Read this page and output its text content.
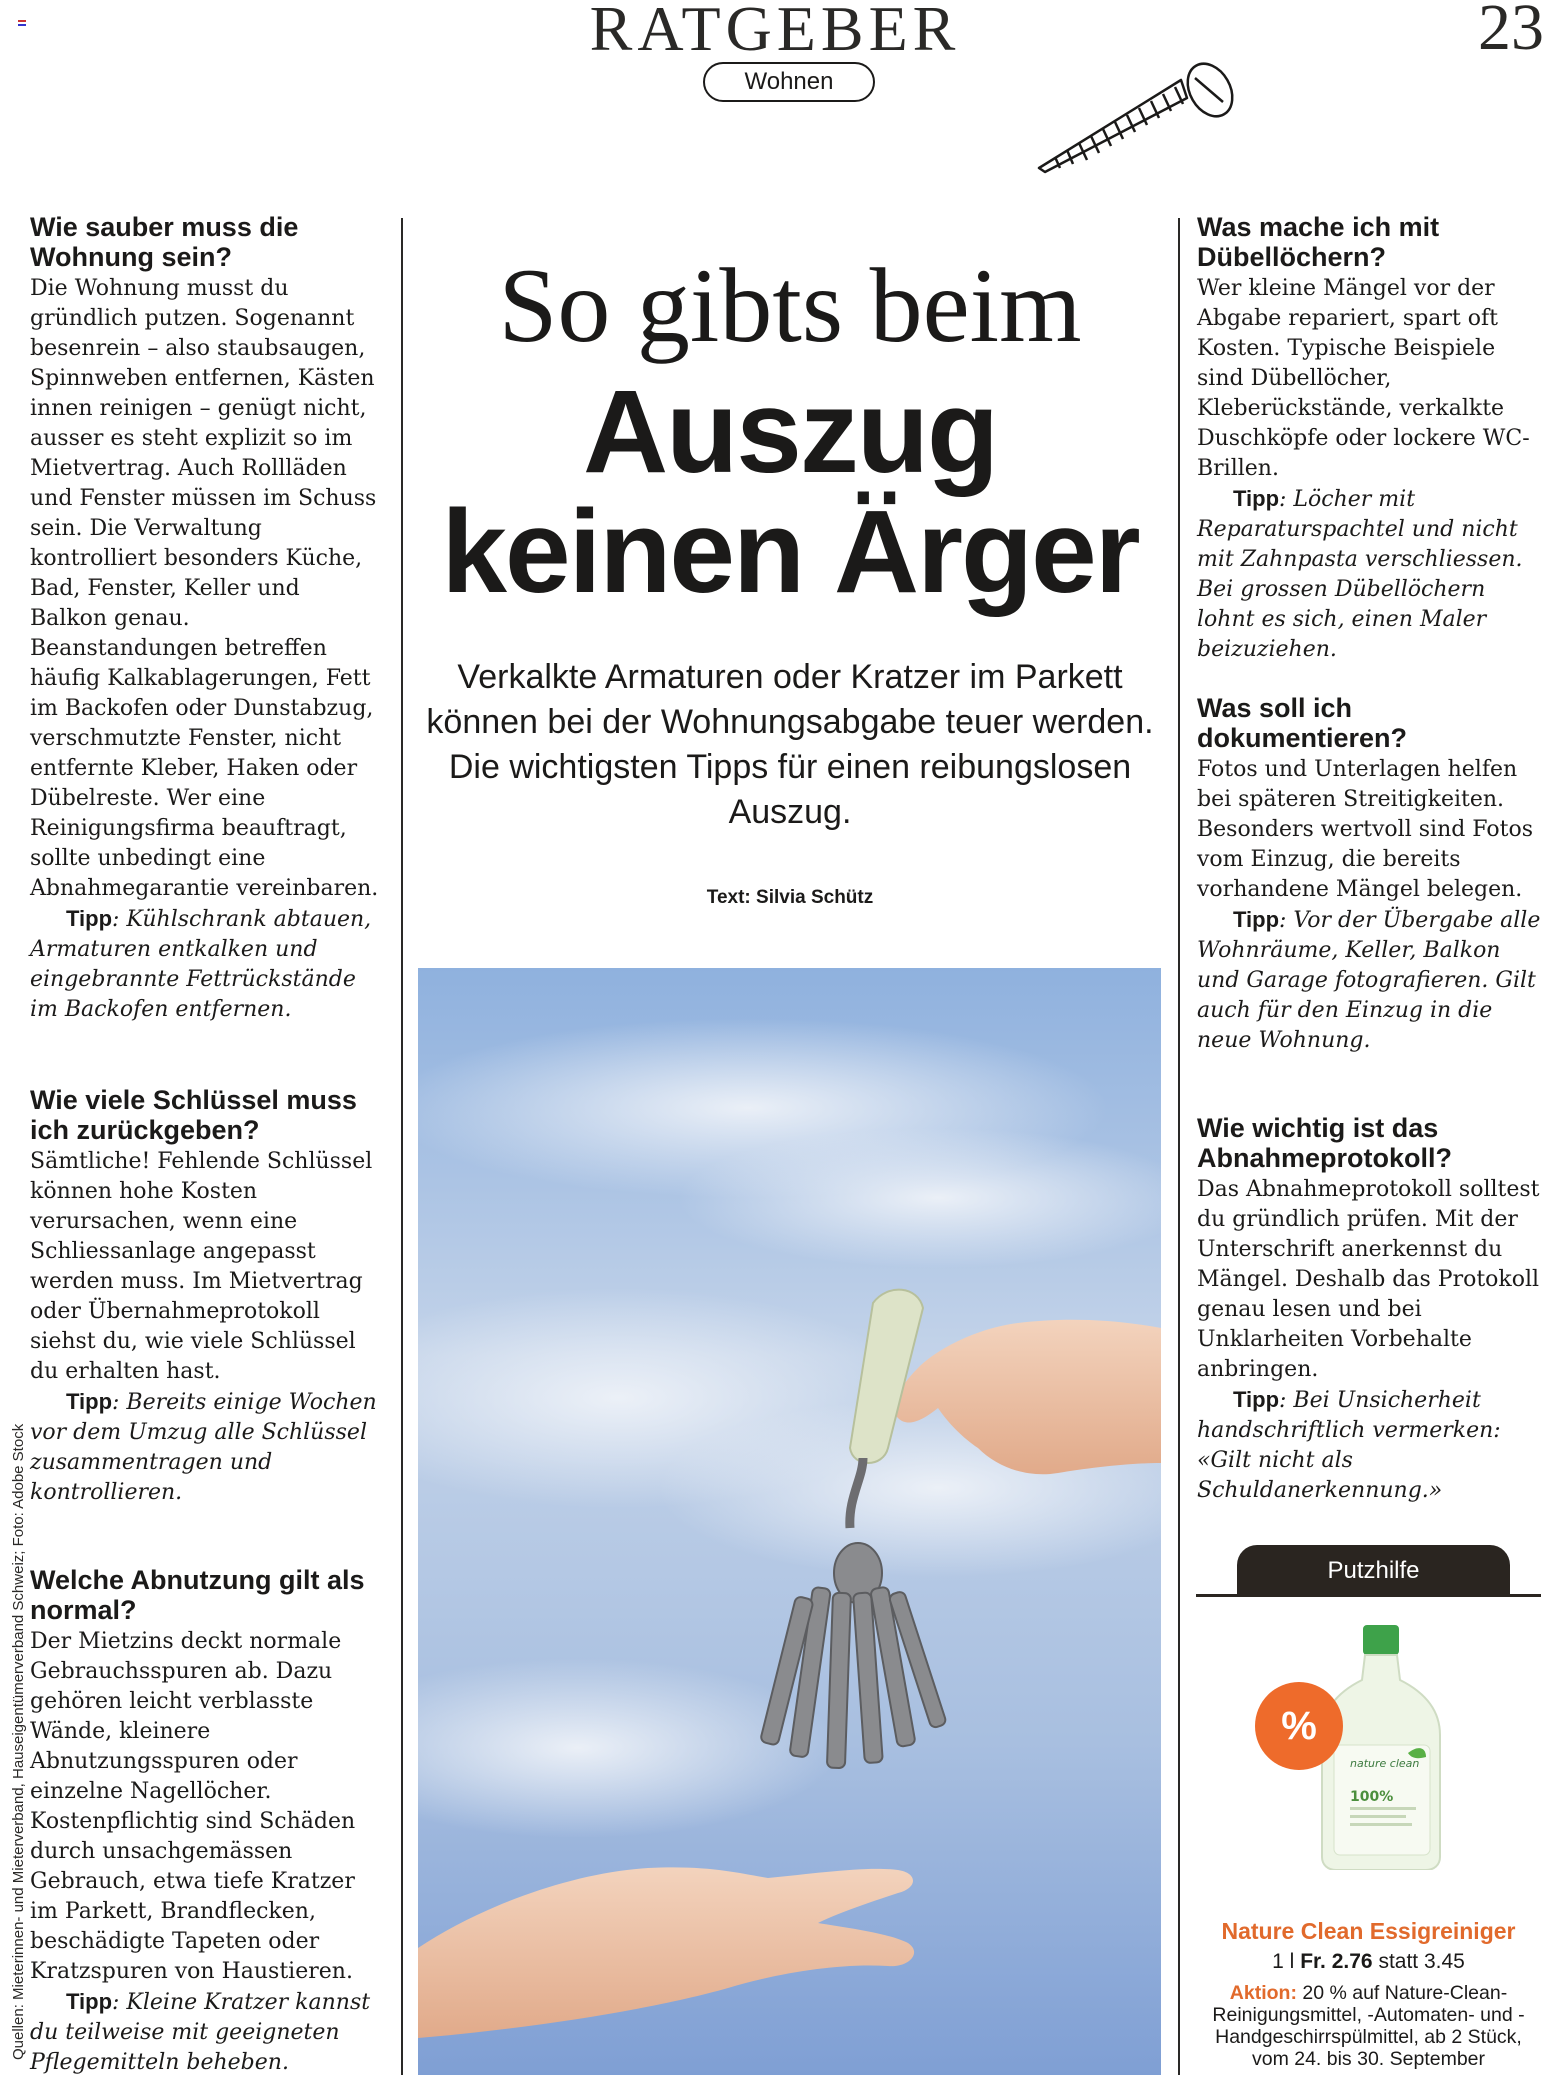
RATGEBER	23
Wohnen
Wie sauber muss die Wohnung sein?

Die Wohnung musst du gründlich putzen. Sogenannt besenrein – also staubsaugen, Spinnweben entfernen, Kästen innen reinigen – genügt nicht, ausser es steht explizit so im Mietvertrag. Auch Rollläden und Fenster müssen im Schuss sein. Die Verwaltung kontrolliert besonders Küche, Bad, Fenster, Keller und Balkon genau. Beanstandungen betreffen häufig Kalkablagerungen, Fett im Backofen oder Dunstabzug, verschmutzte Fenster, nicht entfernte Kleber, Haken oder Dübelreste. Wer eine Reinigungsfirma beauftragt, sollte unbedingt eine Abnahmegarantie vereinbaren.

Tipp: Kühlschrank abtauen, Armaturen entkalken und eingebrannte Fettrückstände im Backofen entfernen.

Wie viele Schlüssel muss ich zurückgeben?

Sämtliche! Fehlende Schlüssel können hohe Kosten verursachen, wenn eine Schliessanlage angepasst werden muss. Im Mietvertrag oder Übernahmeprotokoll siehst du, wie viele Schlüssel du erhalten hast.

Tipp: Bereits einige Wochen vor dem Umzug alle Schlüssel zusammentragen und kontrollieren.

Welche Abnutzung gilt als normal?

Der Mietzins deckt normale Gebrauchsspuren ab. Dazu gehören leicht verblasste Wände, kleinere Abnutzungsspuren oder einzelne Nagellöcher. Kostenpflichtig sind Schäden durch unsachgemässen Gebrauch, etwa tiefe Kratzer im Parkett, Brandflecken, beschädigte Tapeten oder Kratzspuren von Haustieren.

Tipp: Kleine Kratzer kannst du teilweise mit geeigneten Pflegemitteln beheben.

So gibts beim
Auszug
keinen Ärger
Verkalkte Armaturen oder Kratzer im Parkett können bei der Wohnungsabgabe teuer werden. Die wichtigsten Tipps für einen reibungslosen Auszug.
Text: Silvia Schütz
Quellen: Mieterinnen- und Mieterverband, Hauseigentümerverband Schweiz; Foto: Adobe Stock
Was mache ich mit Dübellöchern?

Wer kleine Mängel vor der Abgabe repariert, spart oft Kosten. Typische Beispiele sind Dübellöcher, Kleberückstände, verkalkte Duschköpfe oder lockere WC-Brillen.

Tipp: Löcher mit Reparaturspachtel und nicht mit Zahnpasta verschliessen. Bei grossen Dübellöchern lohnt es sich, einen Maler beizuziehen.

Was soll ich dokumentieren?

Fotos und Unterlagen helfen bei späteren Streitigkeiten. Besonders wertvoll sind Fotos vom Einzug, die bereits vorhandene Mängel belegen.

Tipp: Vor der Übergabe alle Wohnräume, Keller, Balkon und Garage fotografieren. Gilt auch für den Einzug in die neue Wohnung.

Wie wichtig ist das Abnahmeprotokoll?

Das Abnahmeprotokoll solltest du gründlich prüfen. Mit der Unterschrift anerkennst du Mängel. Deshalb das Protokoll genau lesen und bei Unklarheiten Vorbehalte anbringen.

Tipp: Bei Unsicherheit handschriftlich vermerken: «Gilt nicht als Schuldanerkennung.»

Putzhilfe
nature clean
100%
%
Nature Clean Essigreiniger
1 l Fr. 2.76 statt 3.45
Aktion: 20 % auf Nature-Clean-Reinigungsmittel, -Automaten- und -Handgeschirrspülmittel, ab 2 Stück, vom 24. bis 30. September
